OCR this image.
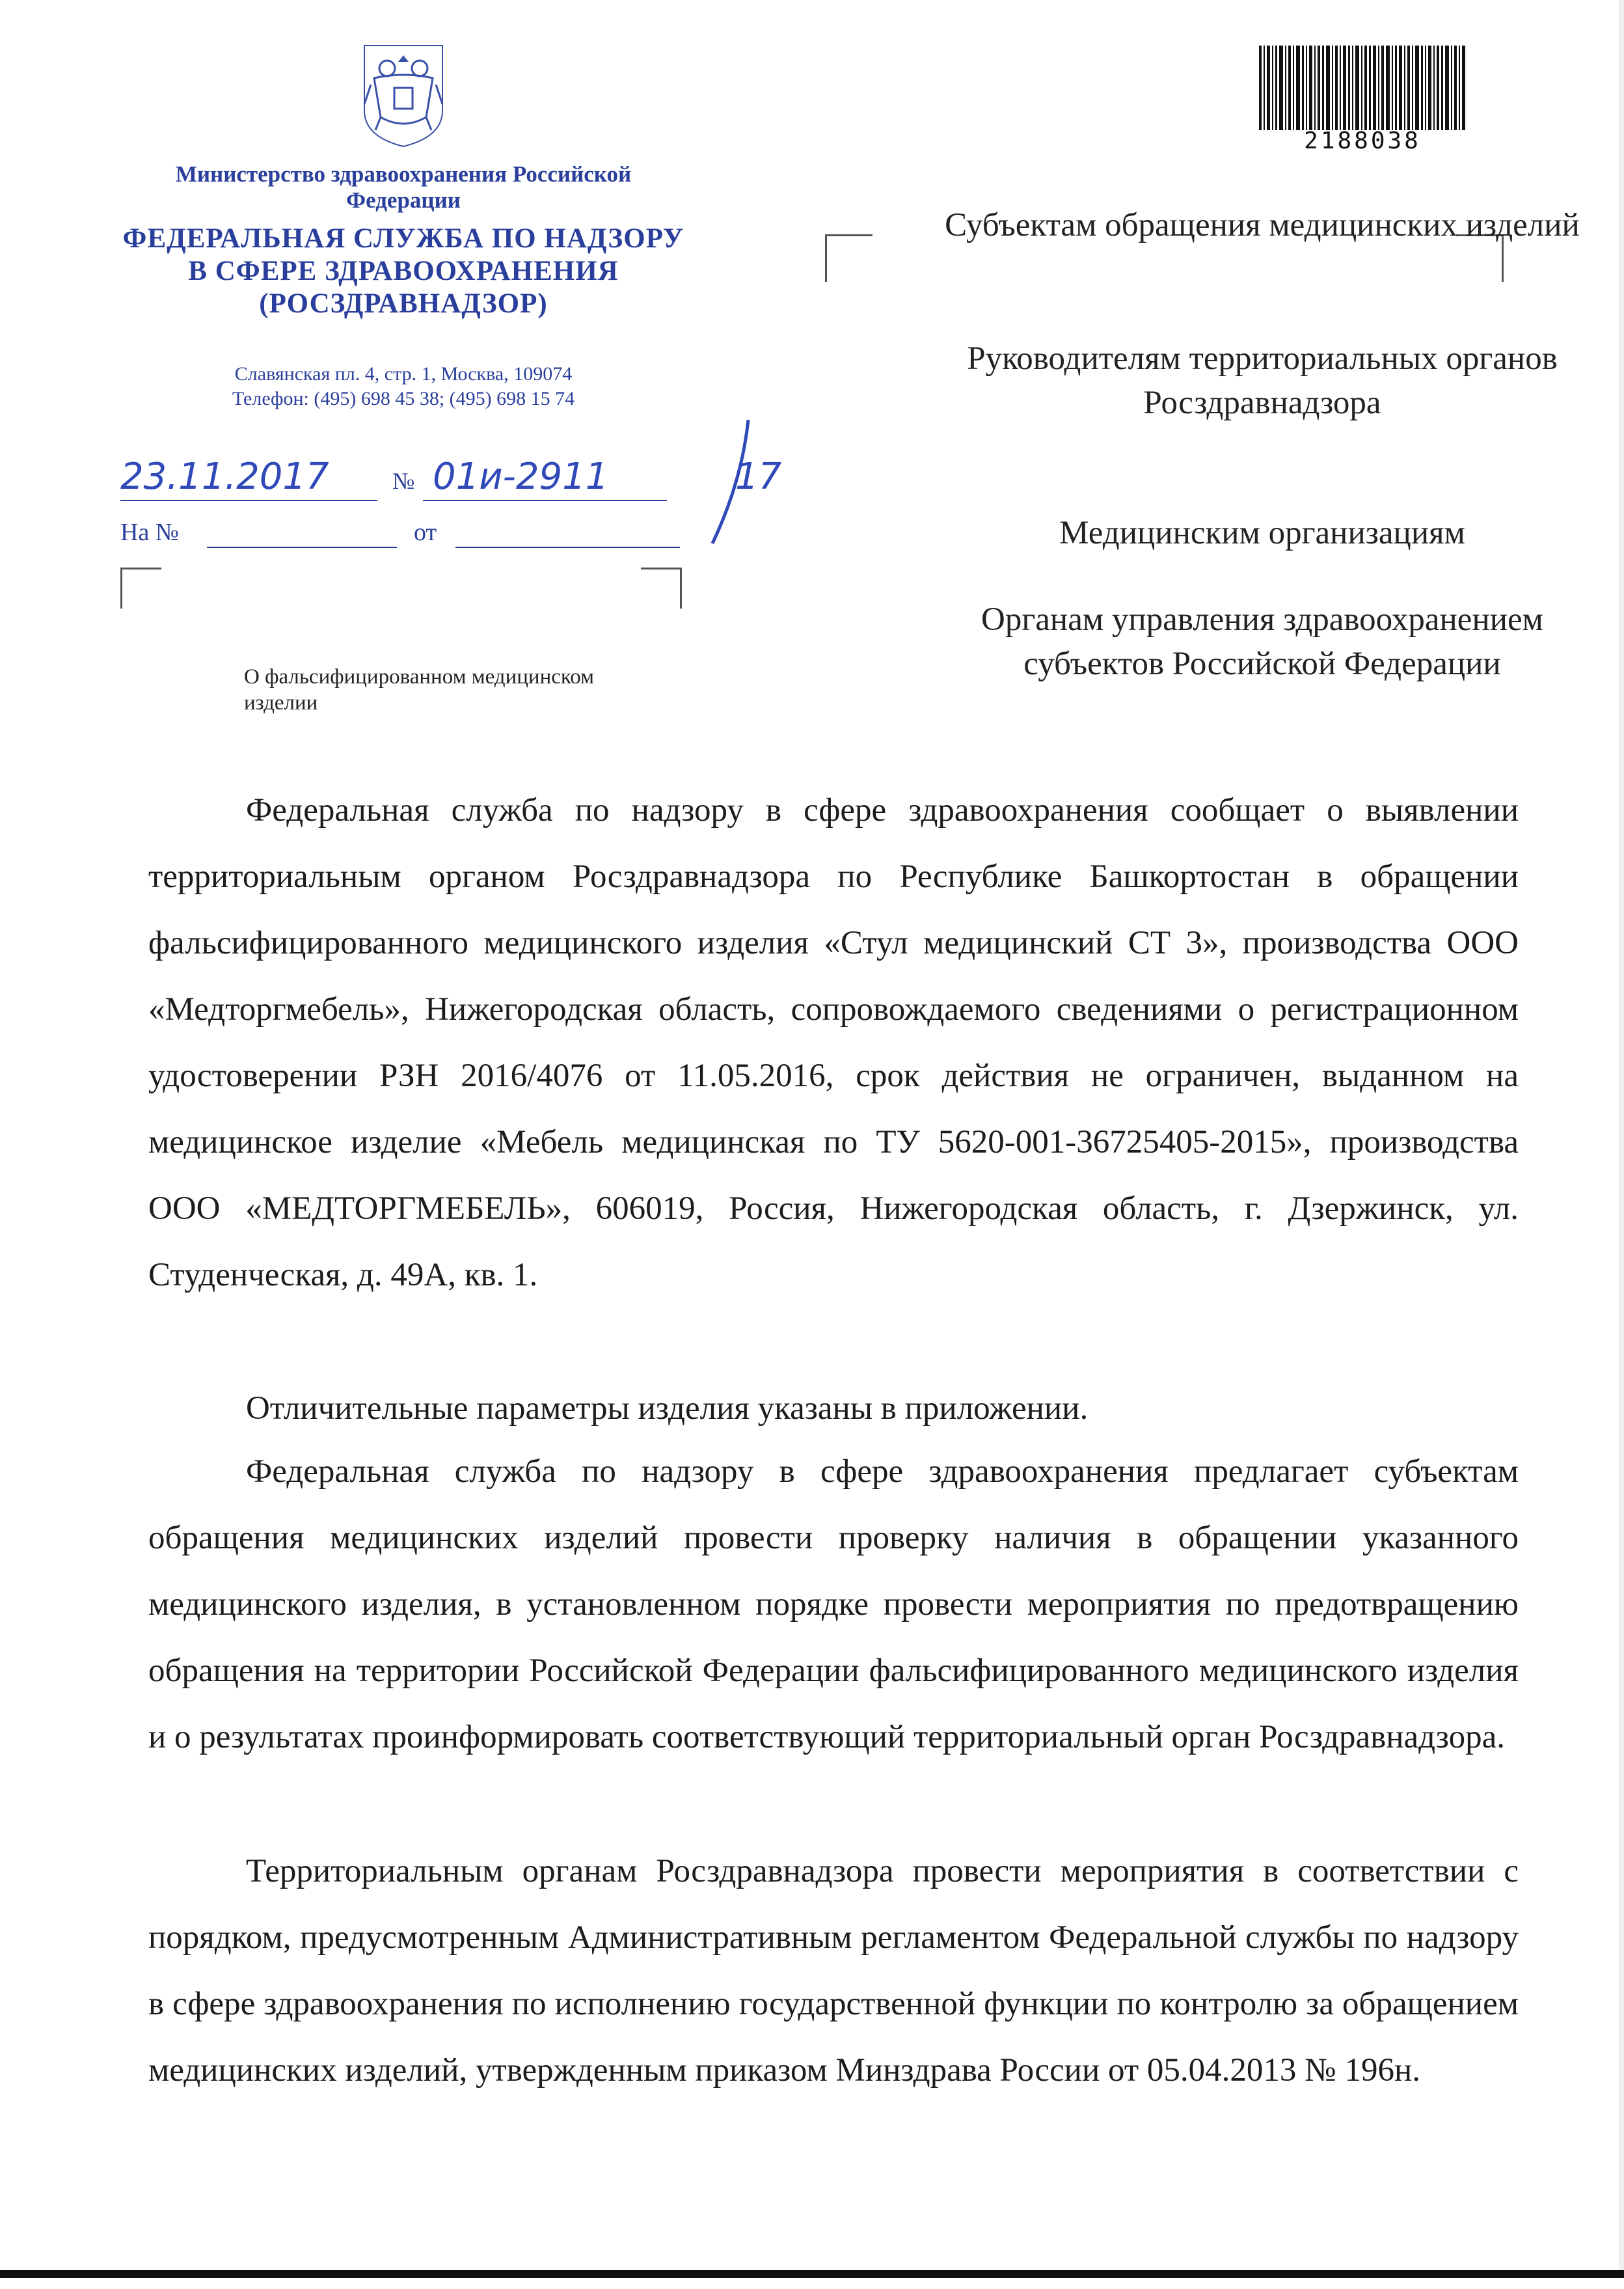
Министерство здравоохранения Российской Федерации
ФЕДЕРАЛЬНАЯ СЛУЖБА ПО НАДЗОРУ
В СФЕРЕ ЗДРАВООХРАНЕНИЯ
(РОСЗДРАВНАДЗОР)
Славянская пл. 4, стр. 1, Москва, 109074
Телефон: (495) 698 45 38; (495) 698 15 74
23.11.2017	№ 01и-2911	17
На №	от
О фальсифицированном медицинском изделии
2188038
Субъектам обращения медицинских изделий
Руководителям территориальных органов Росздравнадзора
Медицинским организациям
Органам управления здравоохранением субъектов Российской Федерации
Федеральная служба по надзору в сфере здравоохранения сообщает о выявлении территориальным органом Росздравнадзора по Республике Башкортостан в обращении фальсифицированного медицинского изделия «Стул медицинский СТ 3», производства ООО «Медторгмебель», Нижегородская область, сопровождаемого сведениями о регистрационном удостоверении РЗН 2016/4076 от 11.05.2016, срок действия не ограничен, выданном на медицинское изделие «Мебель медицинская по ТУ 5620-001-36725405-2015», производства ООО «МЕДТОРГМЕБЕЛЬ», 606019, Россия, Нижегородская область, г. Дзержинск, ул. Студенческая, д. 49А, кв. 1.
Отличительные параметры изделия указаны в приложении.
Федеральная служба по надзору в сфере здравоохранения предлагает субъектам обращения медицинских изделий провести проверку наличия в обращении указанного медицинского изделия, в установленном порядке провести мероприятия по предотвращению обращения на территории Российской Федерации фальсифицированного медицинского изделия и о результатах проинформировать соответствующий территориальный орган Росздравнадзора.
Территориальным органам Росздравнадзора провести мероприятия в соответствии с порядком, предусмотренным Административным регламентом Федеральной службы по надзору в сфере здравоохранения по исполнению государственной функции по контролю за обращением медицинских изделий, утвержденным приказом Минздрава России от 05.04.2013 № 196н.
